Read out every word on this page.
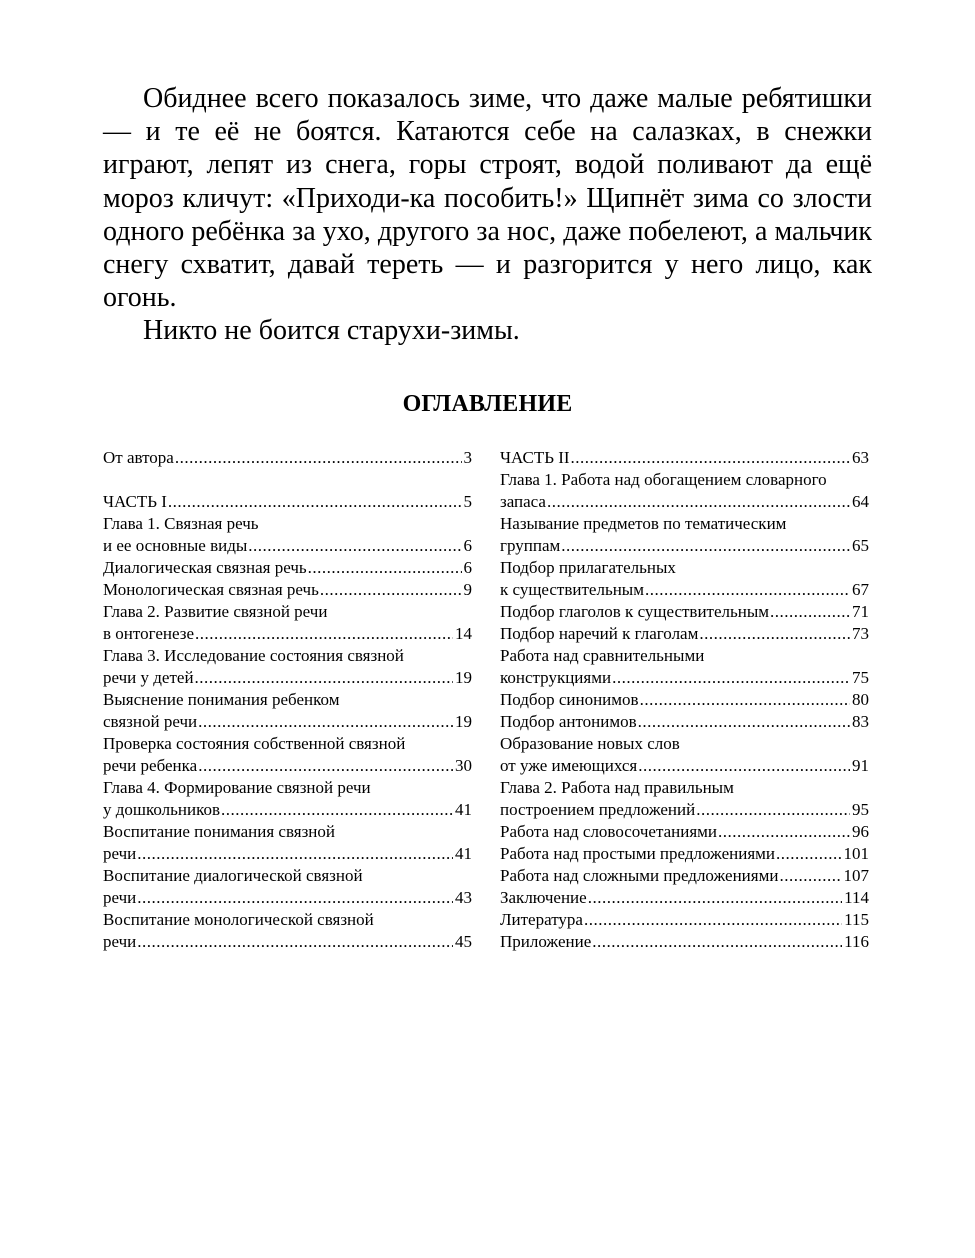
Обиднее всего показалось зиме, что даже малые ребятишки — и те её не боятся. Катаются себе на салазках, в снежки играют, лепят из снега, горы строят, водой поливают да ещё мороз кличут: «Приходи-ка пособить!» Щипнёт зима со злости одного ребёнка за ухо, другого за нос, даже побелеют, а мальчик снегу схватит, давай тереть — и разгорится у него лицо, как огонь.

Никто не боится старухи-зимы.

ОГЛАВЛЕНИЕ
От автора .....	3
ЧАСТЬ I .....	5
Глава 1. Связная речь
и ее основные виды .....	6
Диалогическая связная речь .....	6
Монологическая связная речь .....	9
Глава 2. Развитие связной речи
в онтогенезе .....	14
Глава 3. Исследование состояния связной
речи у детей .....	19
Выяснение понимания ребенком
связной речи .....	19
Проверка состояния собственной связной
речи ребенка .....	30
Глава 4. Формирование связной речи
у дошкольников .....	41
Воспитание понимания связной
речи .....	41
Воспитание диалогической связной
речи .....	43
Воспитание монологической связной
речи .....	45
ЧАСТЬ II .....	63
Глава 1. Работа над обогащением словарного
запаса .....	64
Называние предметов по тематическим
группам .....	65
Подбор прилагательных
к существительным .....	67
Подбор глаголов к существительным .....	71
Подбор наречий к глаголам .....	73
Работа над сравнительными
конструкциями .....	75
Подбор синонимов .....	80
Подбор антонимов .....	83
Образование новых слов
от уже имеющихся .....	91
Глава 2. Работа над правильным
построением предложений .....	95
Работа над словосочетаниями .....	96
Работа над простыми предложениями .....	101
Работа над сложными предложениями .....	107
Заключение .....	114
Литература .....	115
Приложение .....	116
